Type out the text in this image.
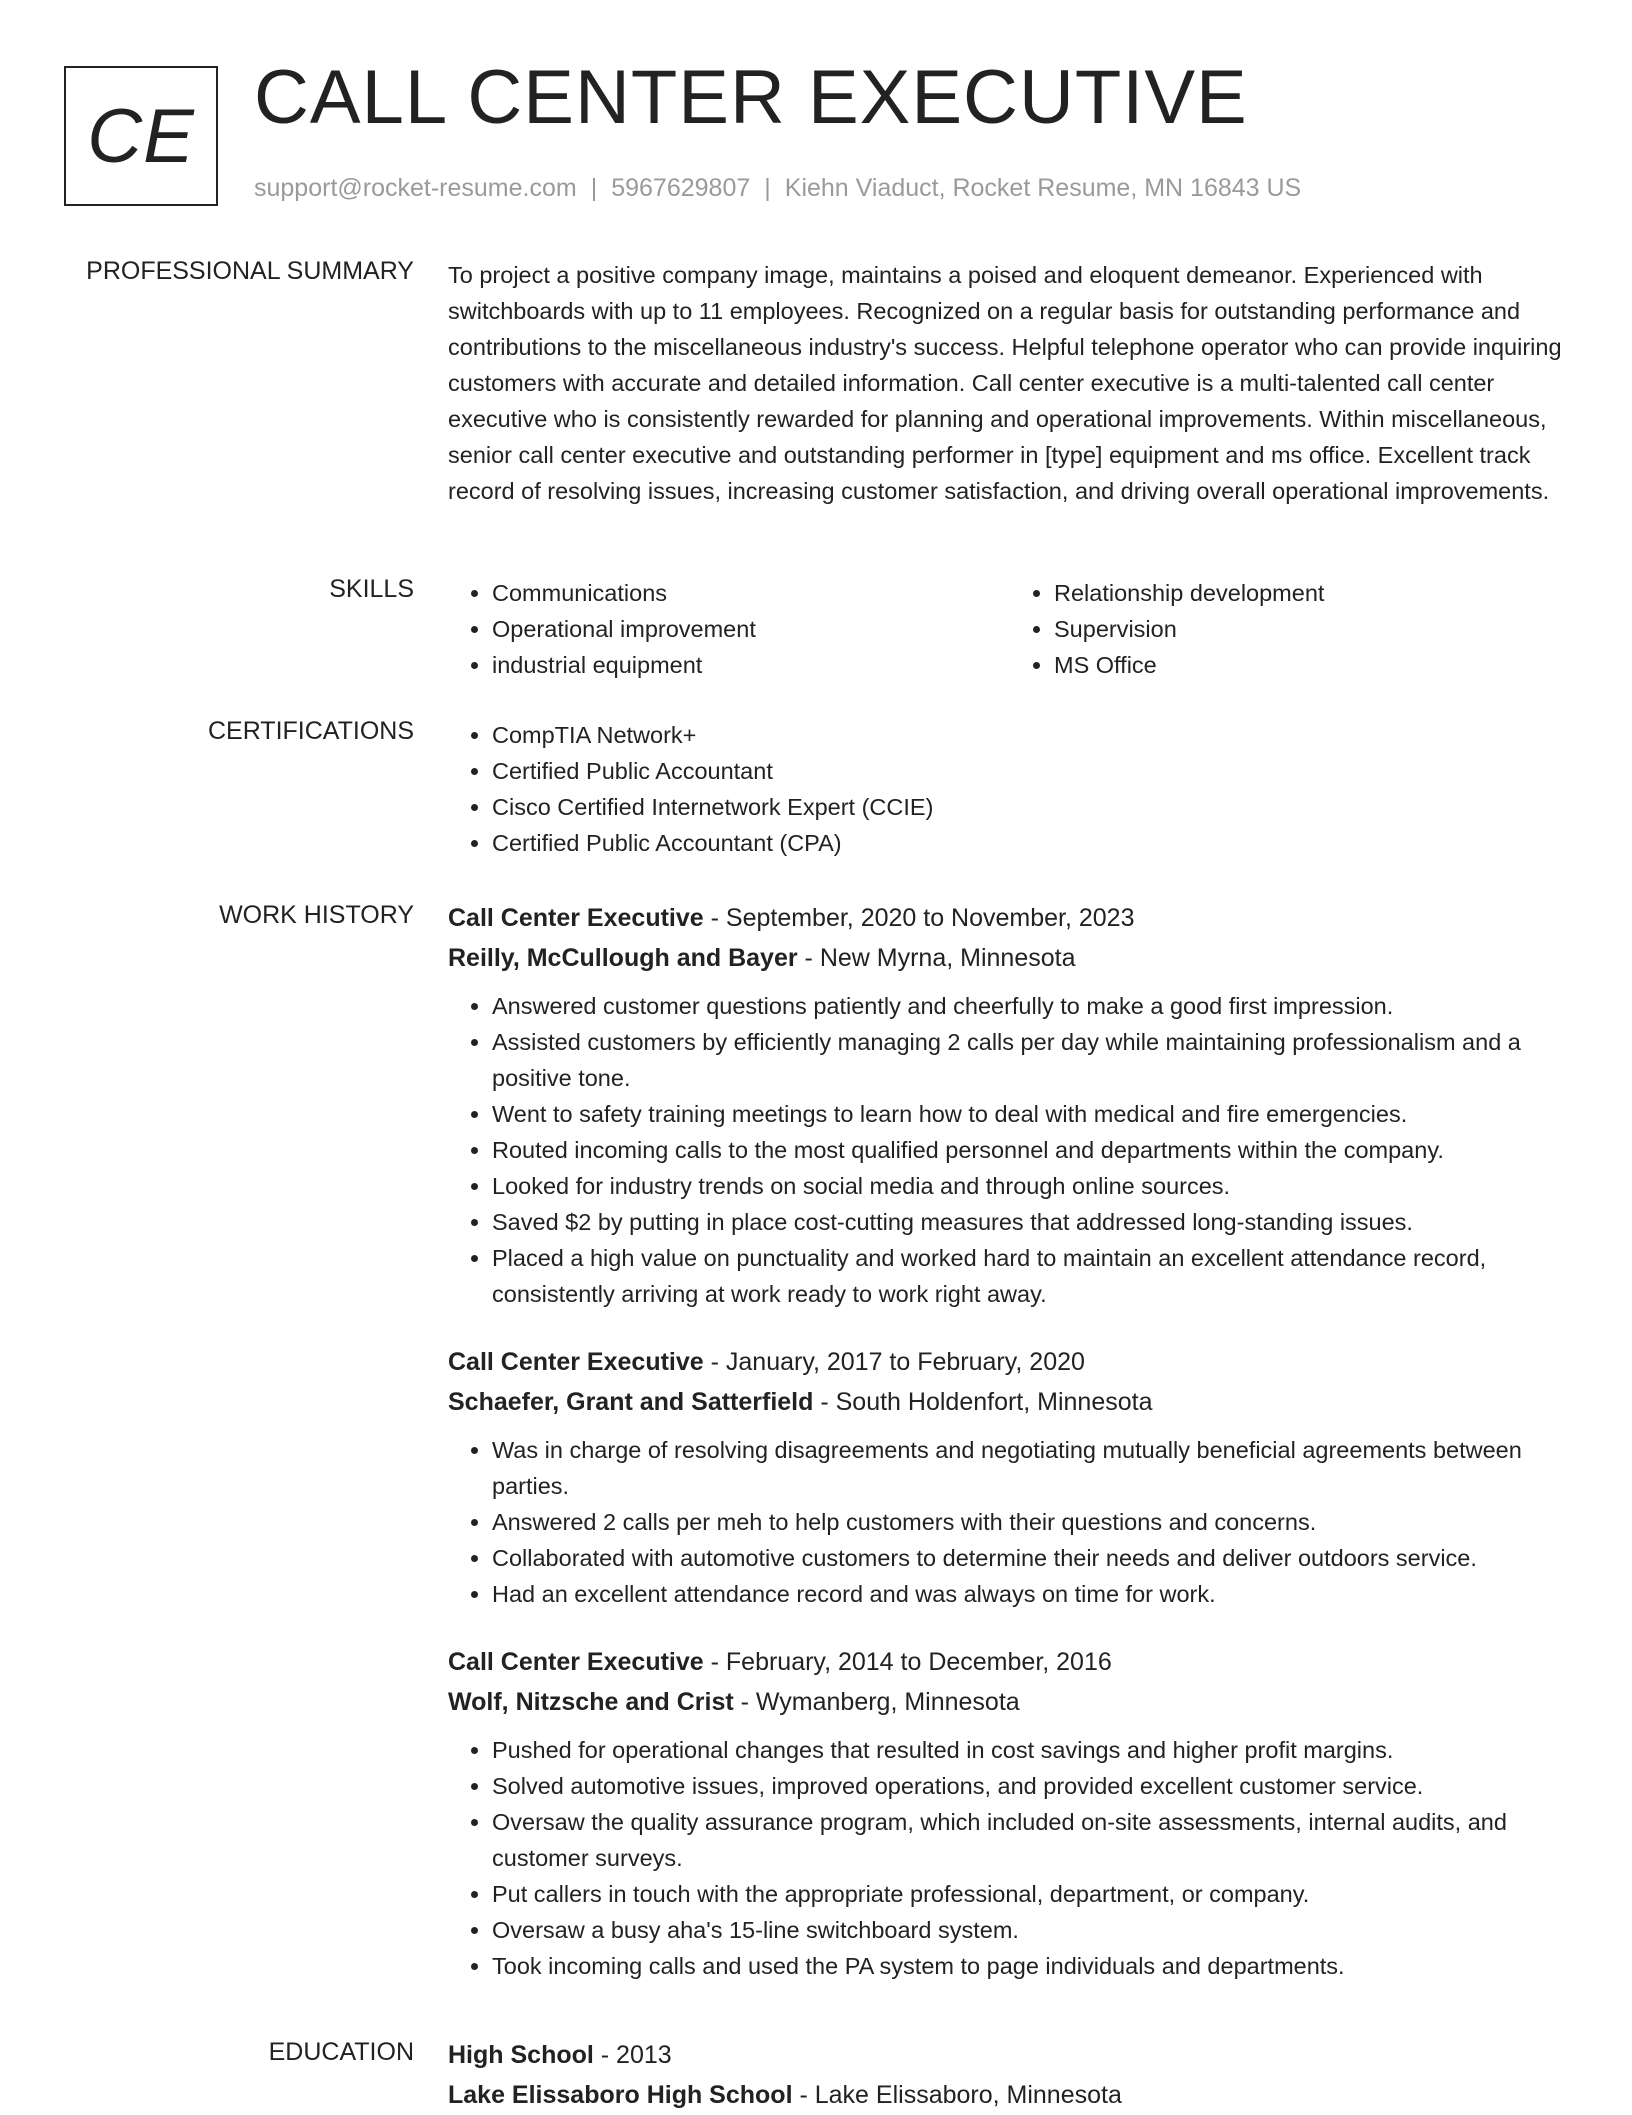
CE CALL CENTER EXECUTIVE
support@rocket-resume.com | 5967629807 | Kiehn Viaduct, Rocket Resume, MN 16843 US
PROFESSIONAL SUMMARY To project a positive company image, maintains a poised and eloquent demeanor. Experienced with switchboards with up to 11 employees. Recognized on a regular basis for outstanding performance and contributions to the miscellaneous industry's success. Helpful telephone operator who can provide inquiring customers with accurate and detailed information. Call center executive is a multi-talented call center executive who is consistently rewarded for planning and operational improvements. Within miscellaneous, senior call center executive and outstanding performer in [type] equipment and ms office. Excellent track record of resolving issues, increasing customer satisfaction, and driving overall operational improvements.

SKILLS	• Communications
• Operational improvement
• industrial equipment
• Relationship development
• Supervision
• MS Office
CERTIFICATIONS	• CompTIA Network+
• Certified Public Accountant
• Cisco Certified Internetwork Expert (CCIE)
• Certified Public Accountant (CPA)
WORK HISTORY Call Center Executive - September, 2020 to November, 2023
Reilly, McCullough and Bayer - New Myrna, Minnesota
• Answered customer questions patiently and cheerfully to make a good first impression.
• Assisted customers by efficiently managing 2 calls per day while maintaining professionalism and a positive tone.
• Went to safety training meetings to learn how to deal with medical and fire emergencies.
• Routed incoming calls to the most qualified personnel and departments within the company.
• Looked for industry trends on social media and through online sources.
• Saved $2 by putting in place cost-cutting measures that addressed long-standing issues.
• Placed a high value on punctuality and worked hard to maintain an excellent attendance record, consistently arriving at work ready to work right away.
Call Center Executive - January, 2017 to February, 2020
Schaefer, Grant and Satterfield - South Holdenfort, Minnesota
• Was in charge of resolving disagreements and negotiating mutually beneficial agreements between parties.
• Answered 2 calls per meh to help customers with their questions and concerns.
• Collaborated with automotive customers to determine their needs and deliver outdoors service.
• Had an excellent attendance record and was always on time for work.
Call Center Executive - February, 2014 to December, 2016
Wolf, Nitzsche and Crist - Wymanberg, Minnesota
• Pushed for operational changes that resulted in cost savings and higher profit margins.
• Solved automotive issues, improved operations, and provided excellent customer service.
• Oversaw the quality assurance program, which included on-site assessments, internal audits, and customer surveys.
• Put callers in touch with the appropriate professional, department, or company.
• Oversaw a busy aha's 15-line switchboard system.
• Took incoming calls and used the PA system to page individuals and departments.
EDUCATION High School - 2013
Lake Elissaboro High School - Lake Elissaboro, Minnesota
